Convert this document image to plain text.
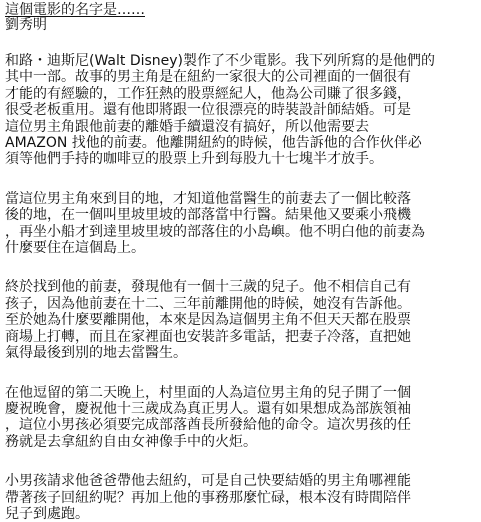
這個電影的名字是……
劉秀明
和路・迪斯尼(Walt Disney)製作了不少電影。我下列所寫的是他們的
其中一部。故事的男主角是在紐約一家很大的公司裡面的一個很有
才能的有經驗的，工作狂熱的股票經紀人，他為公司賺了很多錢，
很受老板重用。還有他即將跟一位很漂亮的時裝設計師結婚。可是
這位男主角跟他前妻的離婚手續還沒有搞好，所以他需要去
AMAZON 找他的前妻。他離開紐約的時候，他告訴他的合作伙伴必
須等他們手持的咖啡豆的股票上升到每股九十七塊半才放手。
當這位男主角來到目的地，才知道他當醫生的前妻去了一個比較落
後的地，在一個叫里坡里坡的部落當中行醫。結果他又要乘小飛機
，再坐小船才到達里坡里坡的部落住的小島嶼。他不明白他的前妻為
什麼要住在這個島上。
終於找到他的前妻，發現他有一個十三歲的兒子。他不相信自己有
孩子，因為他前妻在十二、三年前離開他的時候，她沒有告訴他。
至於她為什麼要離開他，本來是因為這個男主角不但天天都在股票
商場上打轉，而且在家裡面也安裝許多電話，把妻子冷落，直把她
氣得最後到別的地去當醫生。
在他逗留的第二天晚上，村里面的人為這位男主角的兒子開了一個
慶祝晚會，慶祝他十三歲成為真正男人。還有如果想成為部族領袖
，這位小男孩必須要完成部落酋長所發給他的命令。這次男孩的任
務就是去拿紐約自由女神像手中的火炬。
小男孩請求他爸爸帶他去紐約，可是自己快要結婚的男主角哪裡能
帶著孩子回紐約呢？再加上他的事務那麼忙碌，根本沒有時間陪伴
兒子到處跑。
